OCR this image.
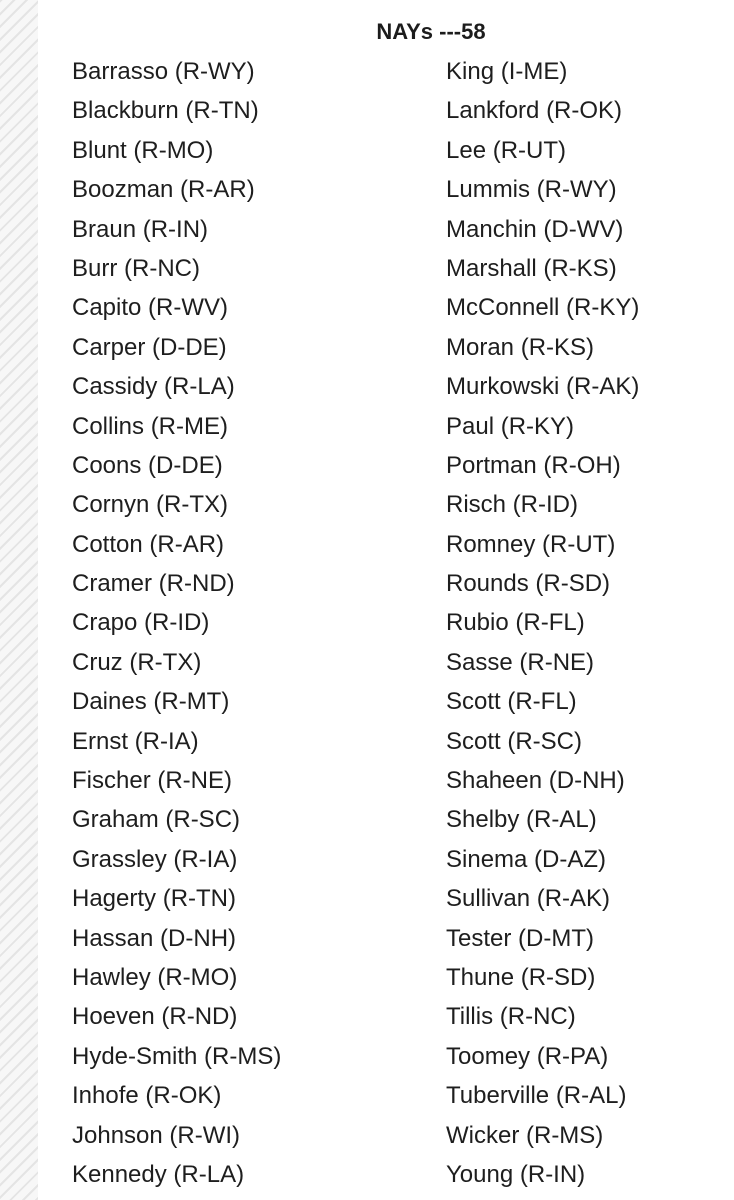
NAYs ---58
Barrasso (R-WY)
Blackburn (R-TN)
Blunt (R-MO)
Boozman (R-AR)
Braun (R-IN)
Burr (R-NC)
Capito (R-WV)
Carper (D-DE)
Cassidy (R-LA)
Collins (R-ME)
Coons (D-DE)
Cornyn (R-TX)
Cotton (R-AR)
Cramer (R-ND)
Crapo (R-ID)
Cruz (R-TX)
Daines (R-MT)
Ernst (R-IA)
Fischer (R-NE)
Graham (R-SC)
Grassley (R-IA)
Hagerty (R-TN)
Hassan (D-NH)
Hawley (R-MO)
Hoeven (R-ND)
Hyde-Smith (R-MS)
Inhofe (R-OK)
Johnson (R-WI)
Kennedy (R-LA)
King (I-ME)
Lankford (R-OK)
Lee (R-UT)
Lummis (R-WY)
Manchin (D-WV)
Marshall (R-KS)
McConnell (R-KY)
Moran (R-KS)
Murkowski (R-AK)
Paul (R-KY)
Portman (R-OH)
Risch (R-ID)
Romney (R-UT)
Rounds (R-SD)
Rubio (R-FL)
Sasse (R-NE)
Scott (R-FL)
Scott (R-SC)
Shaheen (D-NH)
Shelby (R-AL)
Sinema (D-AZ)
Sullivan (R-AK)
Tester (D-MT)
Thune (R-SD)
Tillis (R-NC)
Toomey (R-PA)
Tuberville (R-AL)
Wicker (R-MS)
Young (R-IN)
